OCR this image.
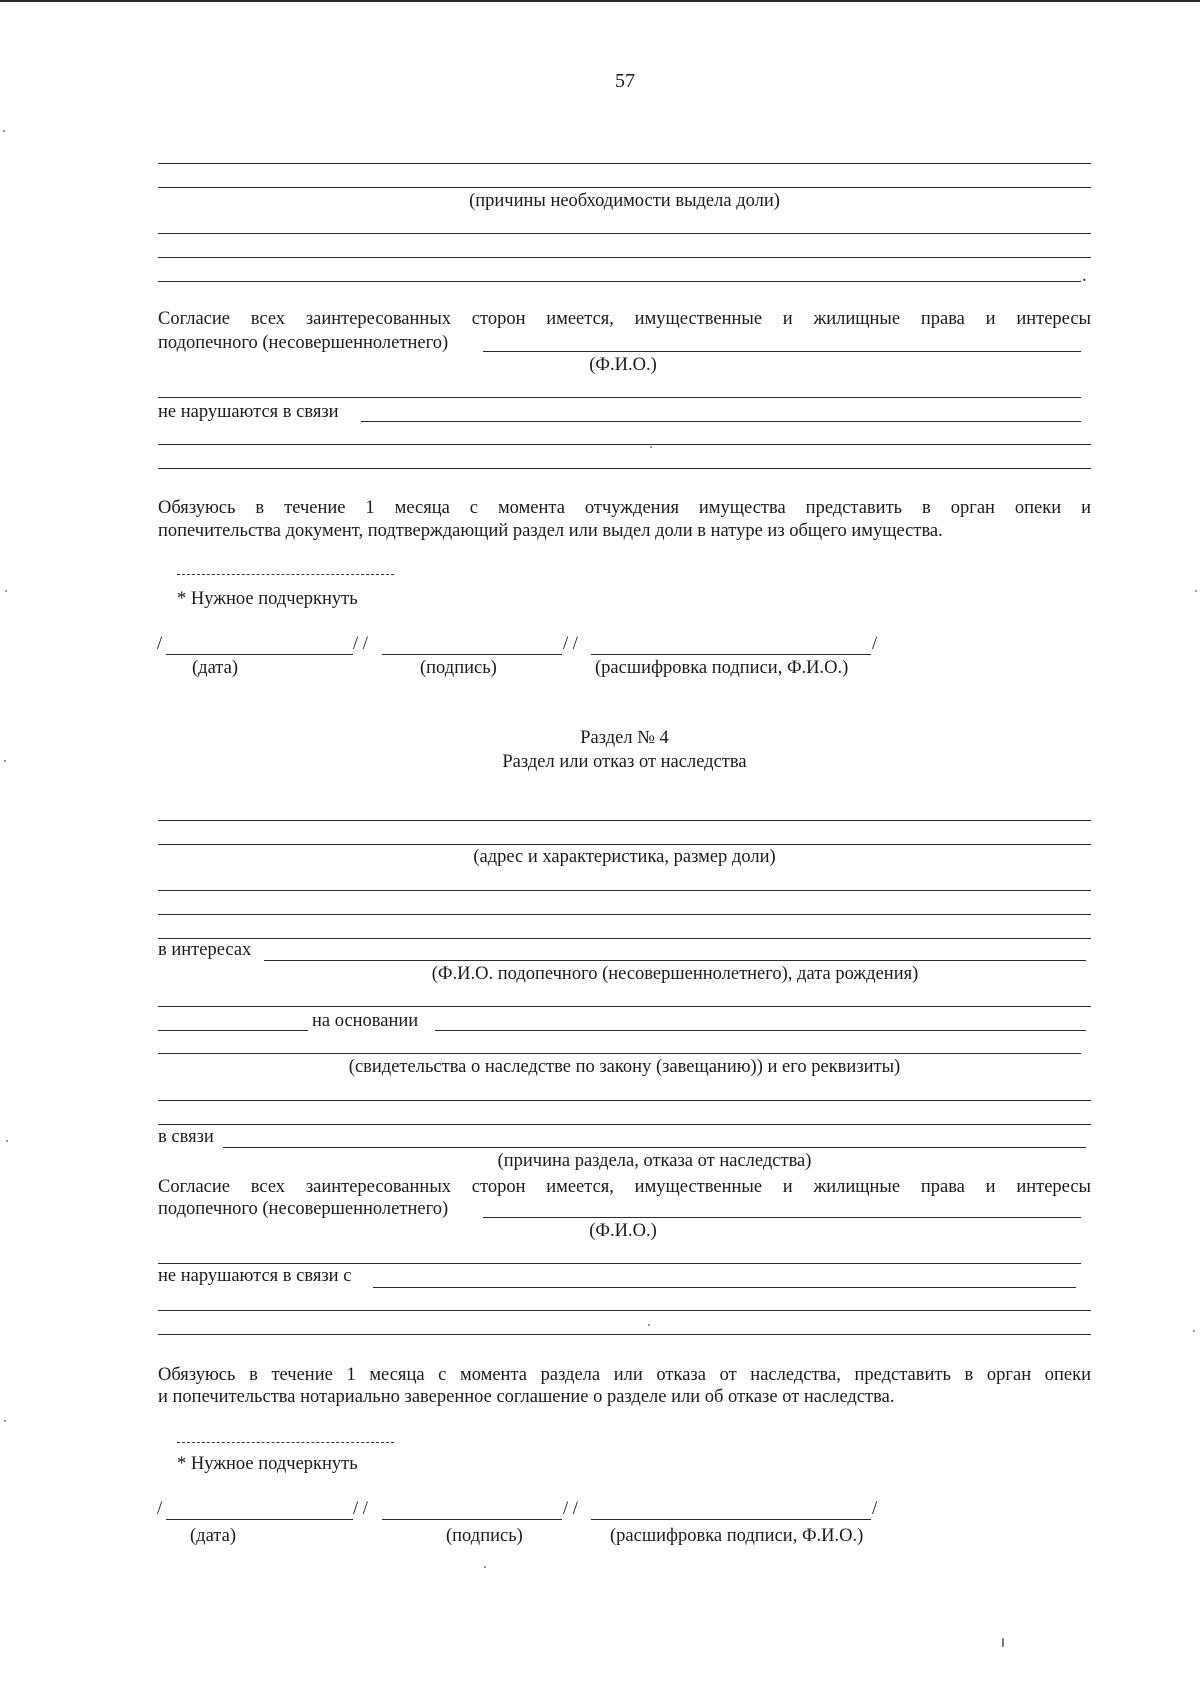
57
(причины необходимости выдела доли)
.
Согласие всех заинтересованных сторон имеется, имущественные и жилищные права и интересы
подопечного (несовершеннолетнего)
(Ф.И.О.)
не нарушаются в связи
Обязуюсь в течение 1 месяца с момента отчуждения имущества представить в орган опеки и
попечительства документ, подтверждающий раздел или выдел доли в натуре из общего имущества.
* Нужное подчеркнуть
/	/ /	/ /	/
(дата)	(подпись)	(расшифровка подписи, Ф.И.О.)
Раздел № 4
Раздел или отказ от наследства
(адрес и характеристика, размер доли)
в интересах
(Ф.И.О. подопечного (несовершеннолетнего), дата рождения)
на основании
(свидетельства о наследстве по закону (завещанию)) и его реквизиты)
в связи
(причина раздела, отказа от наследства)
Согласие всех заинтересованных сторон имеется, имущественные и жилищные права и интересы
подопечного (несовершеннолетнего)
(Ф.И.О.)
не нарушаются в связи с
Обязуюсь в течение 1 месяца с момента раздела или отказа от наследства, представить в орган опеки
и попечительства нотариально заверенное соглашение о разделе или об отказе от наследства.
* Нужное подчеркнуть
/	/ /	/ /	/
(дата)	(подпись)	(расшифровка подписи, Ф.И.О.)
